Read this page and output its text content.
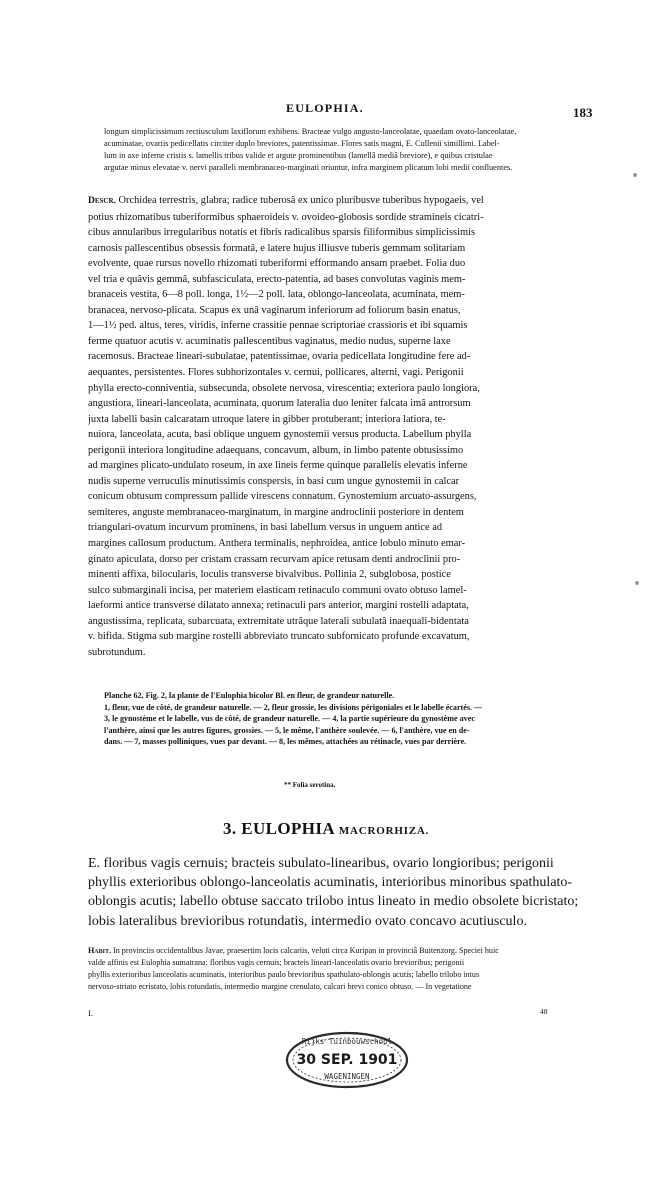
EULOPHIA.	183
longum simplicissimum rectiusculum laxiflorum exhibens. Bracteae vulgo angusto-lanceolatae, quaedam ovato-lanceolatae,
acuminatae, ovariis pedicellatis circiter duplo breviores, patentissimae. Flores satis magni, E. Cullenii simillimi. Label-
lum in axe inferne cristis s. lamellis tribus valide et argute prominentibus (lamellâ mediâ breviore), e quibus cristulae
argutae minus elevatae v. nervi paralleli membranaceo-marginati oriuntur, infra marginem plicatum lobi medii confluentes.
Descr. Orchidea terrestris, glabra; radice tuberosâ ex unico pluribusve tuberibus hypogaeis, vel
potius rhizomatibus tuberiformibus sphaeroideis v. ovoideo-globosis sordide stramineis cicatri-
cibus annularibus irregularibus notatis et fibris radicalibus sparsis filiformibus simplicissimis
carnosis pallescentibus obsessis formatâ, e latere hujus illiusve tuberis gemmam solitariam
evolvente, quae rursus novello rhizomati tuberiformi efformando ansam praebet. Folia duo
vel tria e quâvis gemmâ, subfasciculata, erecto-patentia, ad bases convolutas vaginis mem-
branaceis vestita, 6—8 poll. longa, 1½—2 poll. lata, oblongo-lanceolata, acuminata, mem-
branacea, nervoso-plicata. Scapus ex unâ vaginarum inferiorum ad foliorum basin enatus,
1—1½ ped. altus, teres, viridis, inferne crassitie pennae scriptoriae crassioris et ibi squamis
ferme quatuor acutis v. acuminatis pallescentibus vaginatus, medio nudus, superne laxe
racemosus. Bracteae lineari-subulatae, patentissimae, ovaria pedicellata longitudine fere ad-
aequantes, persistentes. Flores subhorizontales v. cernui, pollicares, alterni, vagi. Perigonii
phylla erecto-conniventia, subsecunda, obsolete nervosa, virescentia; exteriora paulo longiora,
angustiora, lineari-lanceolata, acuminata, quorum lateralia duo leniter falcata imâ antrorsum
juxta labelli basin calcaratam utroque latere in gibber protuberant; interiora latiora, te-
nuiora, lanceolata, acuta, basi oblique unguem gynostemii versus producta. Labellum phylla
perigonii interiora longitudine adaequans, concavum, album, in limbo patente obtusissimo
ad margines plicato-undulato roseum, in axe lineis ferme quinque parallelis elevatis inferne
nudis superne verruculis minutissimis conspersis, in basi cum ungue gynostemii in calcar
conicum obtusum compressum pallide virescens connatum. Gynostemium arcuato-assurgens,
semiteres, anguste membranaceo-marginatum, in margine androclinii posteriore in dentem
triangulari-ovatum incurvum prominens, in basi labellum versus in unguem antice ad
margines callosum productum. Anthera terminalis, nephroidea, antice lobulo minuto emar-
ginato apiculata, dorso per cristam crassam recurvam apice retusam denti androclinii pro-
minenti affixa, bilocularis, loculis transverse bivalvibus. Pollinia 2, subglobosa, postice
sulco submarginali incisa, per materiem elasticam retinaculo communi ovato obtuso lamel-
laeformi antice transverse dilatato annexa; retinaculi pars anterior, margini rostelli adaptata,
angustissima, replicata, subarcuata, extremitate utrâque laterali subulatâ inaequali-bidentata
v. bifida. Stigma sub margine rostelli abbreviato truncato subfornicato profunde excavatum,
subrotundum.
Planche 62, Fig. 2, la plante de l'Eulophia bicolor Bl. en fleur, de grandeur naturelle.
1, fleur, vue de côté, de grandeur naturelle. — 2, fleur grossie, les divisions périgoniales et le labelle écartés. —
3, le gynostème et le labelle, vus de côté, de grandeur naturelle. — 4, la partie supérieure du gynostème avec
l'anthère, ainsi que les autres figures, grossies. — 5, le même, l'anthère soulevée. — 6, l'anthère, vue en de-
dans. — 7, masses polliniques, vues par devant. — 8, les mêmes, attachées au rétinacle, vues par derrière.
** Folia serotina.
3. EULOPHIA MACRORHIZA.
E. floribus vagis cernuis; bracteis subulato-linearibus, ovario longioribus; perigonii
phyllis exterioribus oblongo-lanceolatis acuminatis, interioribus minoribus spathulato-
oblongis acutis; labello obtuse saccato trilobo intus lineato in medio obsolete bicristato;
lobis lateralibus brevioribus rotundatis, intermedio ovato concavo acutiusculo.
Habit. In provinciis occidentalibus Javae, praesertim locis calcariis, veluti circa Kuripan in provinciâ Buitenzorg. Speciei huic
valde affinis est Eulophia sumatrana: floribus vagis cernuis; bracteis lineari-lanceolatis ovario brevioribus; perigonii
phyllis exterioribus lanceolatis acuminatis, interioribus paulo brevioribus spathulato-oblongis acutis; labello trilobo intus
nervoso-striato ecristato, lobis rotundatis, intermedio margine crenulato, calcari brevi conico obtuso. — In vegetatione
I.	48
Rijks Tuinbouwschool
30 SEP. 1901
WAGENINGEN
